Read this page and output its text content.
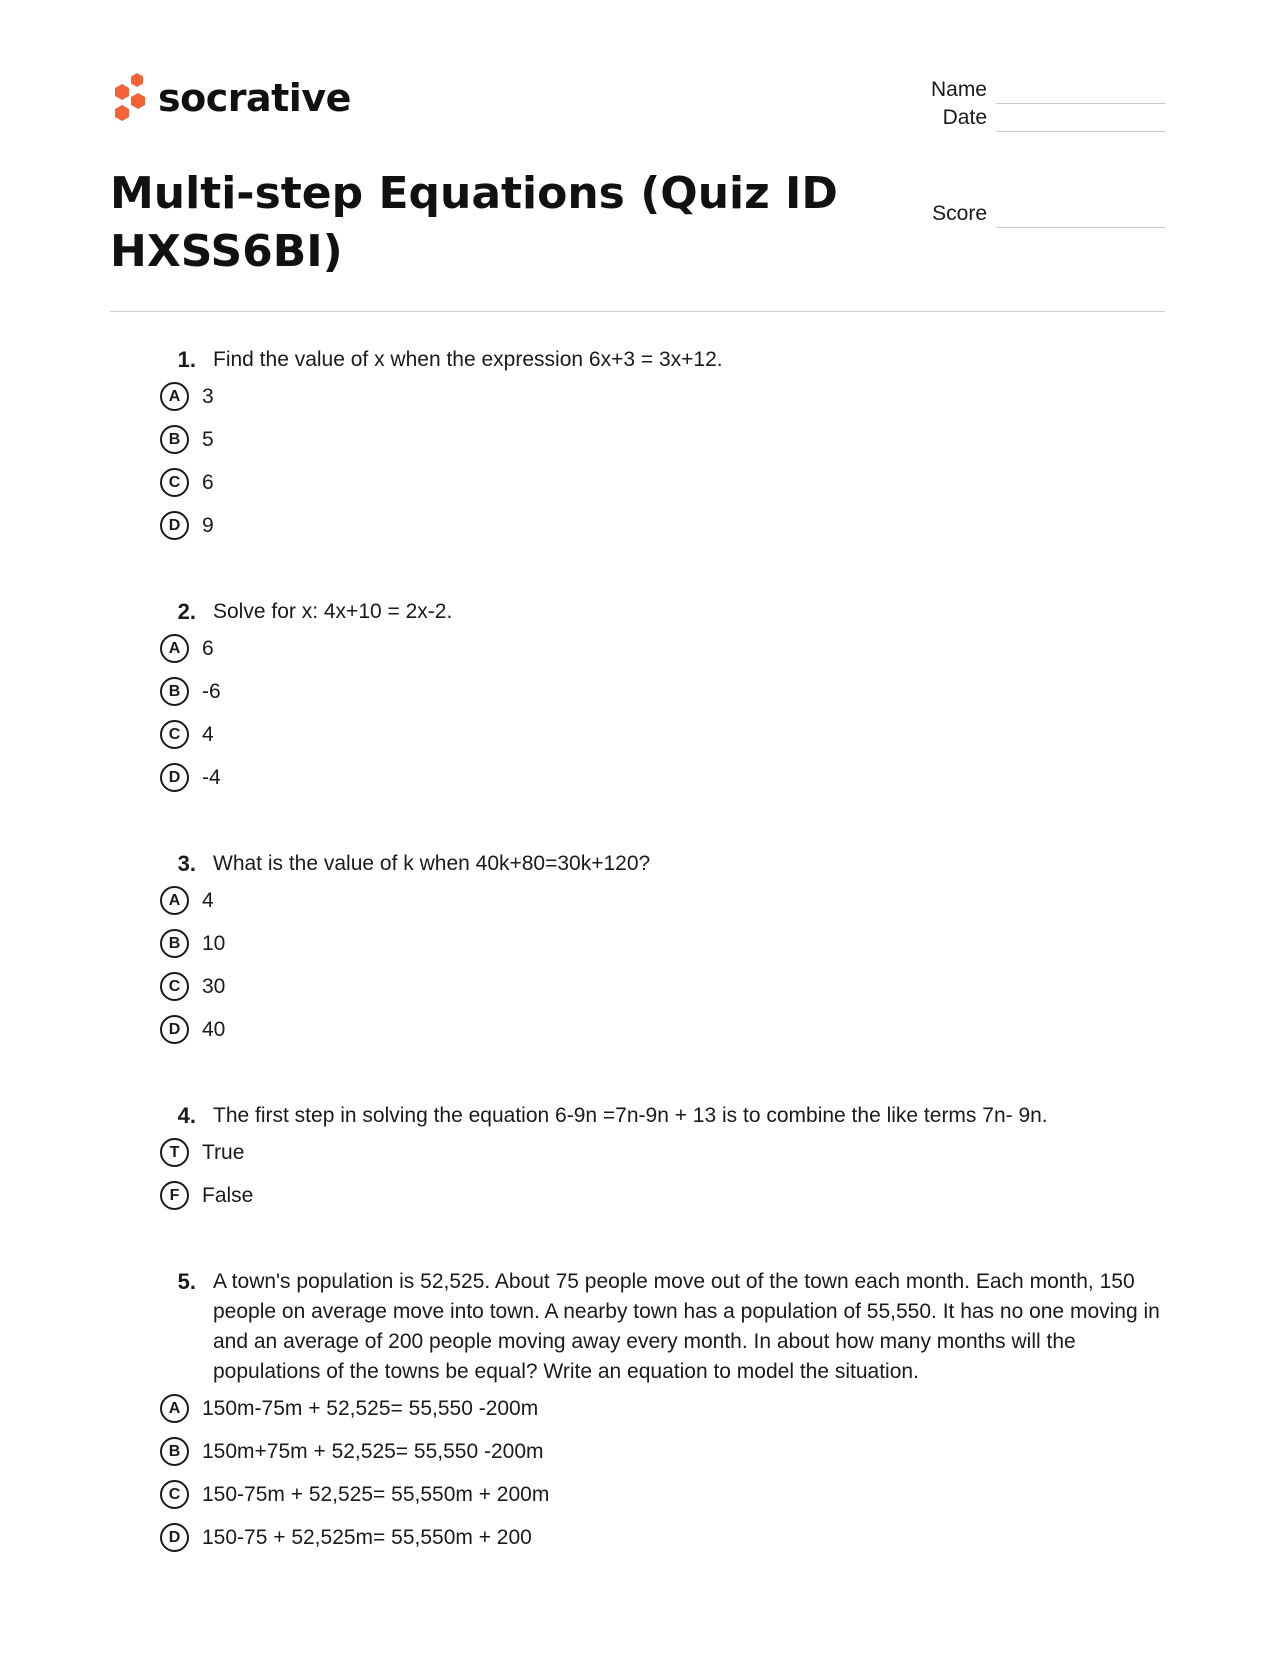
socrative	Name
Date
Score
Multi-step Equations (Quiz ID HXSS6BI)
1. Find the value of x when the expression 6x+3 = 3x+12.
A	3
B	5
C	6
D	9
2. Solve for x: 4x+10 = 2x-2.
A	6
B	-6
C	4
D	-4
3. What is the value of k when 40k+80=30k+120?
A	4
B	10
C	30
D	40
4. The first step in solving the equation 6-9n =7n-9n + 13 is to combine the like terms 7n- 9n.
T	True
F	False
5. A town's population is 52,525. About 75 people move out of the town each month. Each month, 150 people on average move into town. A nearby town has a population of 55,550. It has no one moving in and an average of 200 people moving away every month. In about how many months will the populations of the towns be equal? Write an equation to model the situation.
A	150m-75m + 52,525= 55,550 -200m
B	150m+75m + 52,525= 55,550 -200m
C	150-75m + 52,525= 55,550m + 200m
D	150-75 + 52,525m= 55,550m + 200
